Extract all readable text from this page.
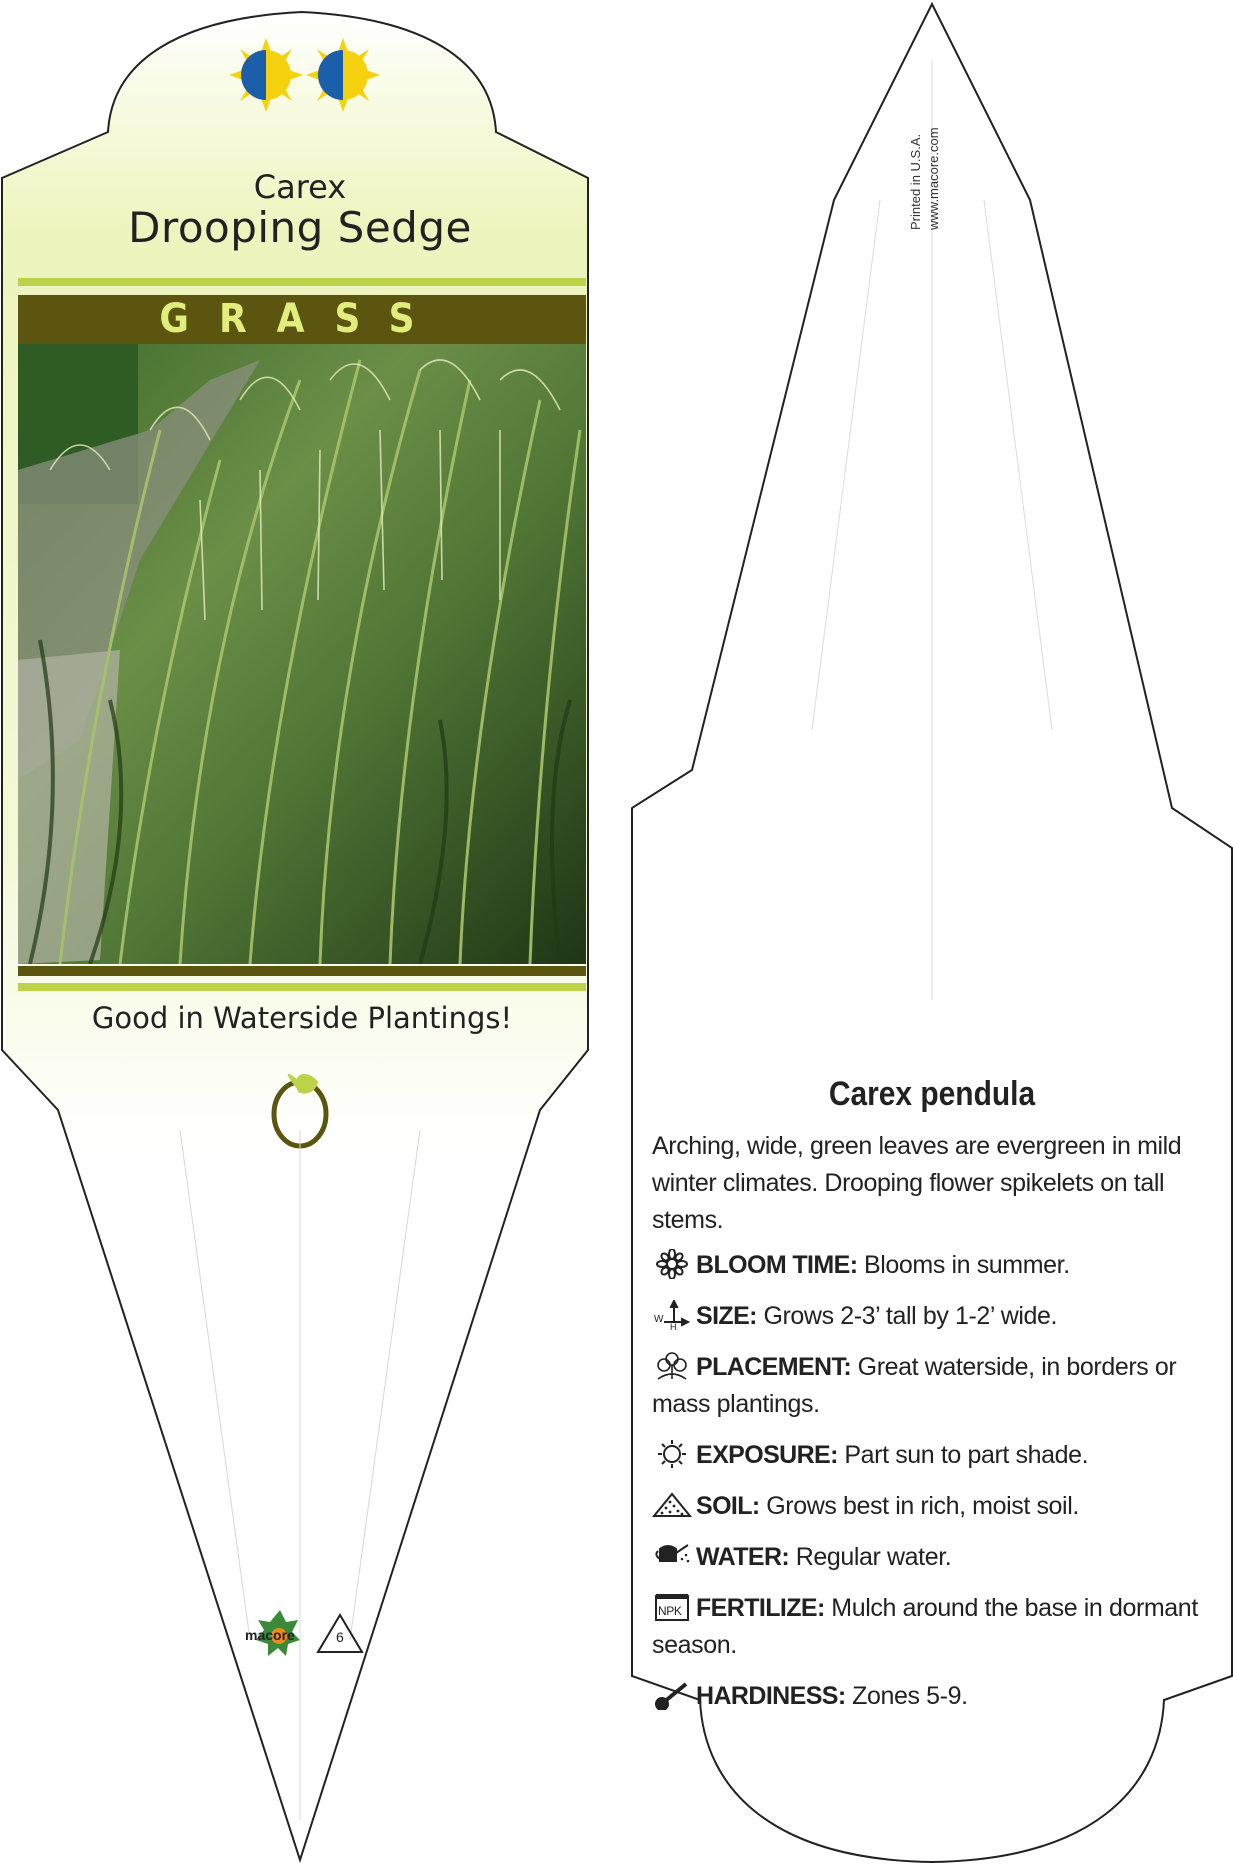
Carex
Drooping Sedge
GRASS
Good in Waterside Plantings!
macore	6
Printed in U.S.A. www.macore.com
Carex pendula
Arching, wide, green leaves are evergreen in mild winter climates. Drooping flower spikelets on tall stems.
BLOOM TIME: Blooms in summer.
W
H SIZE: Grows 2-3’ tall by 1-2’ wide.
PLACEMENT: Great waterside, in borders or mass plantings.
EXPOSURE: Part sun to part shade.
SOIL: Grows best in rich, moist soil.
WATER: Regular water.
NPK FERTILIZE: Mulch around the base in dormant season.
HARDINESS: Zones 5-9.
